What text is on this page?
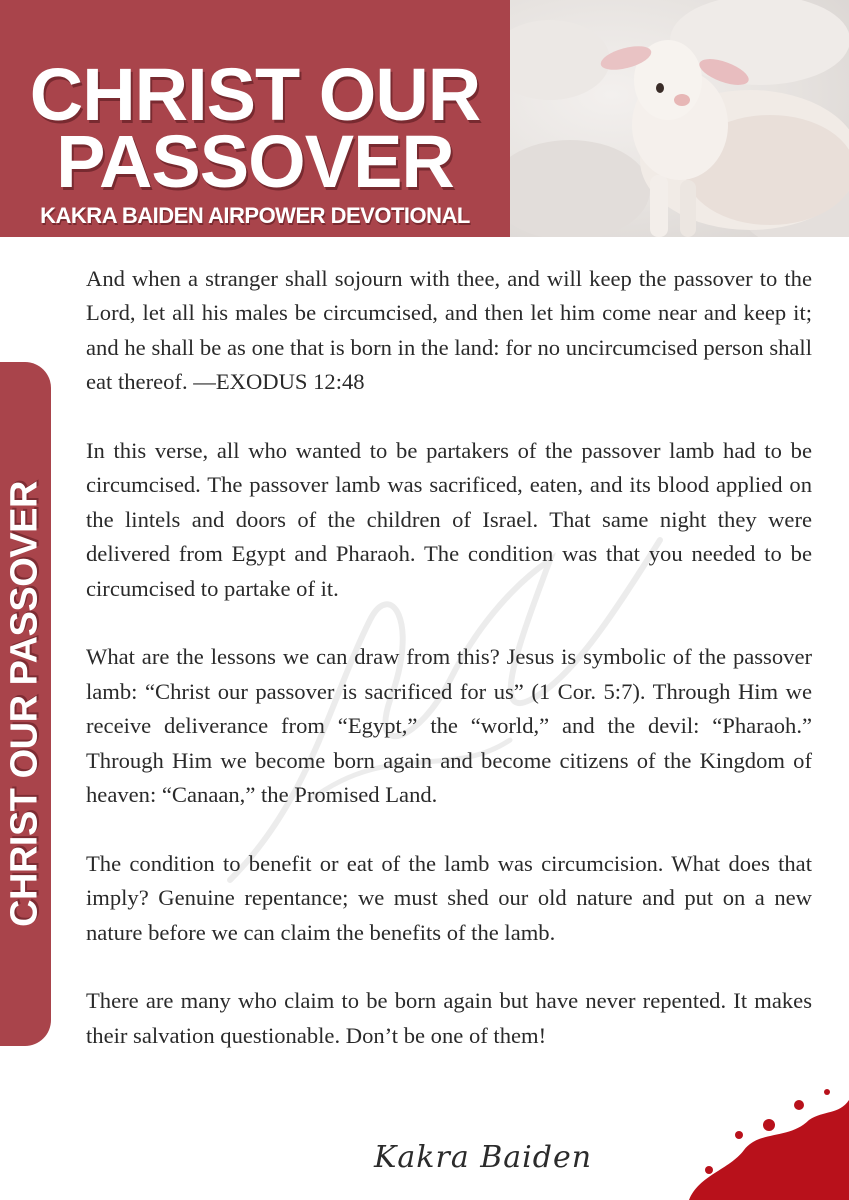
CHRIST OUR
PASSOVER
KAKRA BAIDEN AIRPOWER DEVOTIONAL
CHRIST OUR PASSOVER

And when a stranger shall sojourn with thee, and will keep the passover to the Lord, let all his males be circumcised, and then let him come near and keep it; and he shall be as one that is born in the land: for no uncircumcised person shall eat thereof. —EXODUS 12:48

In this verse, all who wanted to be partakers of the passover lamb had to be circumcised. The passover lamb was sacrificed, eaten, and its blood applied on the lintels and doors of the children of Israel. That same night they were delivered from Egypt and Pharaoh. The condition was that you needed to be circumcised to partake of it.

What are the lessons we can draw from this? Jesus is symbolic of the passover lamb: “Christ our passover is sacrificed for us” (1 Cor. 5:7). Through Him we receive deliverance from “Egypt,” the “world,” and the devil: “Pharaoh.” Through Him we become born again and become citizens of the Kingdom of heaven: “Canaan,” the Promised Land.

The condition to benefit or eat of the lamb was circumcision. What does that imply? Genuine repentance; we must shed our old nature and put on a new nature before we can claim the benefits of the lamb.

There are many who claim to be born again but have never repented. It makes their salvation questionable. Don’t be one of them!

Kakra Baiden
